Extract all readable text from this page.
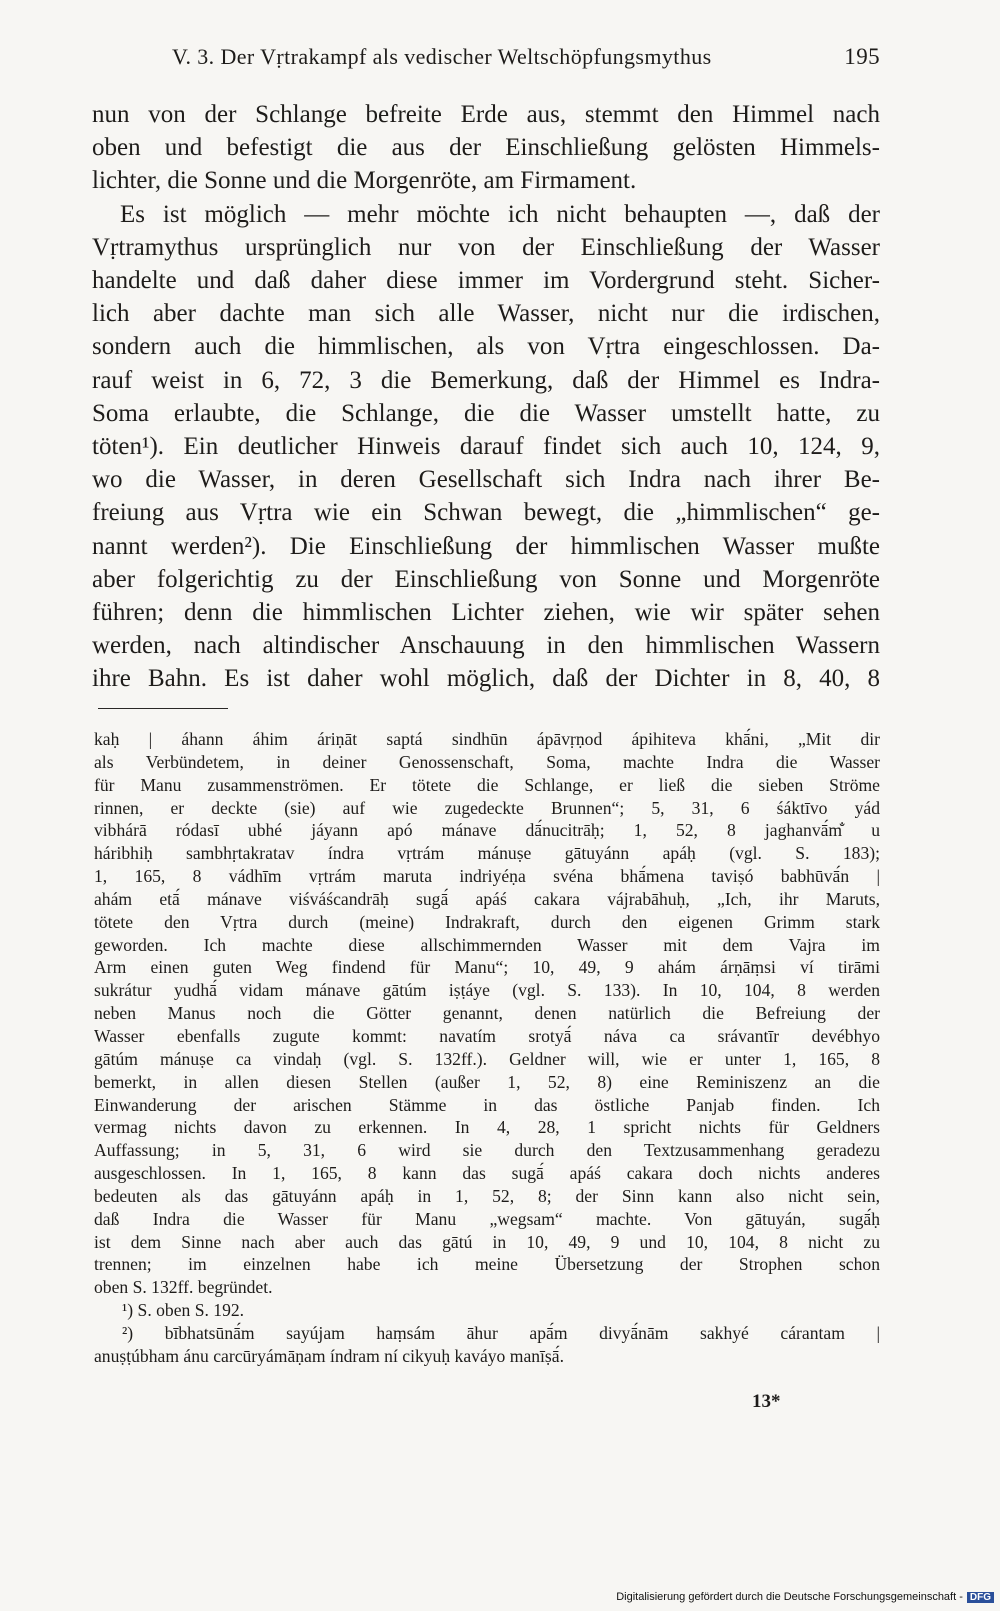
V. 3. Der Vṛtrakampf als vedischer Weltschöpfungsmythus	195
nun von der Schlange befreite Erde aus, stemmt den Himmel nach
oben und befestigt die aus der Einschließung gelösten Himmels-
lichter, die Sonne und die Morgenröte, am Firmament.
Es ist möglich — mehr möchte ich nicht behaupten —, daß der
Vṛtramythus ursprünglich nur von der Einschließung der Wasser
handelte und daß daher diese immer im Vordergrund steht. Sicher-
lich aber dachte man sich alle Wasser, nicht nur die irdischen,
sondern auch die himmlischen, als von Vṛtra eingeschlossen. Da-
rauf weist in 6, 72, 3 die Bemerkung, daß der Himmel es Indra-
Soma erlaubte, die Schlange, die die Wasser umstellt hatte, zu
töten¹). Ein deutlicher Hinweis darauf findet sich auch 10, 124, 9,
wo die Wasser, in deren Gesellschaft sich Indra nach ihrer Be-
freiung aus Vṛtra wie ein Schwan bewegt, die „himmlischen“ ge-
nannt werden²). Die Einschließung der himmlischen Wasser mußte
aber folgerichtig zu der Einschließung von Sonne und Morgenröte
führen; denn die himmlischen Lichter ziehen, wie wir später sehen
werden, nach altindischer Anschauung in den himmlischen Wassern
ihre Bahn. Es ist daher wohl möglich, daß der Dichter in 8, 40, 8
kaḥ | áhann áhim áriṇāt saptá sindhūn ápāvṛṇod ápihiteva khā́ni, „Mit dir
als Verbündetem, in deiner Genossenschaft, Soma, machte Indra die Wasser
für Manu zusammenströmen. Er tötete die Schlange, er ließ die sieben Ströme
rinnen, er deckte (sie) auf wie zugedeckte Brunnen“; 5, 31, 6 śáktīvo yád
vibhárā ródasī ubhé jáyann apó mánave dā́nucitrāḥ; 1, 52, 8 jaghanvā́m̐ u
háribhiḥ sambhṛtakratav índra vṛtrám mánuṣe gātuyánn apáḥ (vgl. S. 183);
1, 165, 8 vádhīm vṛtrám maruta indriyéṇa svéna bhā́mena taviṣó babhūvā́n |
ahám etā́ mánave viśváścandrāḥ sugā́ apáś cakara vájrabāhuḥ, „Ich, ihr Maruts,
tötete den Vṛtra durch (meine) Indrakraft, durch den eigenen Grimm stark
geworden. Ich machte diese allschimmernden Wasser mit dem Vajra im
Arm einen guten Weg findend für Manu“; 10, 49, 9 ahám árṇāṃsi ví tirāmi
sukrátur yudhā́ vidam mánave gātúm iṣṭáye (vgl. S. 133). In 10, 104, 8 werden
neben Manus noch die Götter genannt, denen natürlich die Befreiung der
Wasser ebenfalls zugute kommt: navatím srotyā́ náva ca srávantīr devébhyo
gātúm mánuṣe ca vindaḥ (vgl. S. 132ff.). Geldner will, wie er unter 1, 165, 8
bemerkt, in allen diesen Stellen (außer 1, 52, 8) eine Reminiszenz an die
Einwanderung der arischen Stämme in das östliche Panjab finden. Ich
vermag nichts davon zu erkennen. In 4, 28, 1 spricht nichts für Geldners
Auffassung; in 5, 31, 6 wird sie durch den Textzusammenhang geradezu
ausgeschlossen. In 1, 165, 8 kann das sugā́ apáś cakara doch nichts anderes
bedeuten als das gātuyánn apáḥ in 1, 52, 8; der Sinn kann also nicht sein,
daß Indra die Wasser für Manu „wegsam“ machte. Von gātuyán, sugā́ḥ
ist dem Sinne nach aber auch das gātú in 10, 49, 9 und 10, 104, 8 nicht zu
trennen; im einzelnen habe ich meine Übersetzung der Strophen schon
oben S. 132ff. begründet.
¹) S. oben S. 192.
²) bībhatsūnā́m sayújam haṃsám āhur apā́m divyā́nām sakhyé cárantam |
anuṣṭúbham ánu carcūryámāṇam índram ní cikyuḥ kaváyo manīṣā́.
13*
Digitalisierung gefördert durch die Deutsche Forschungsgemeinschaft - DFG
